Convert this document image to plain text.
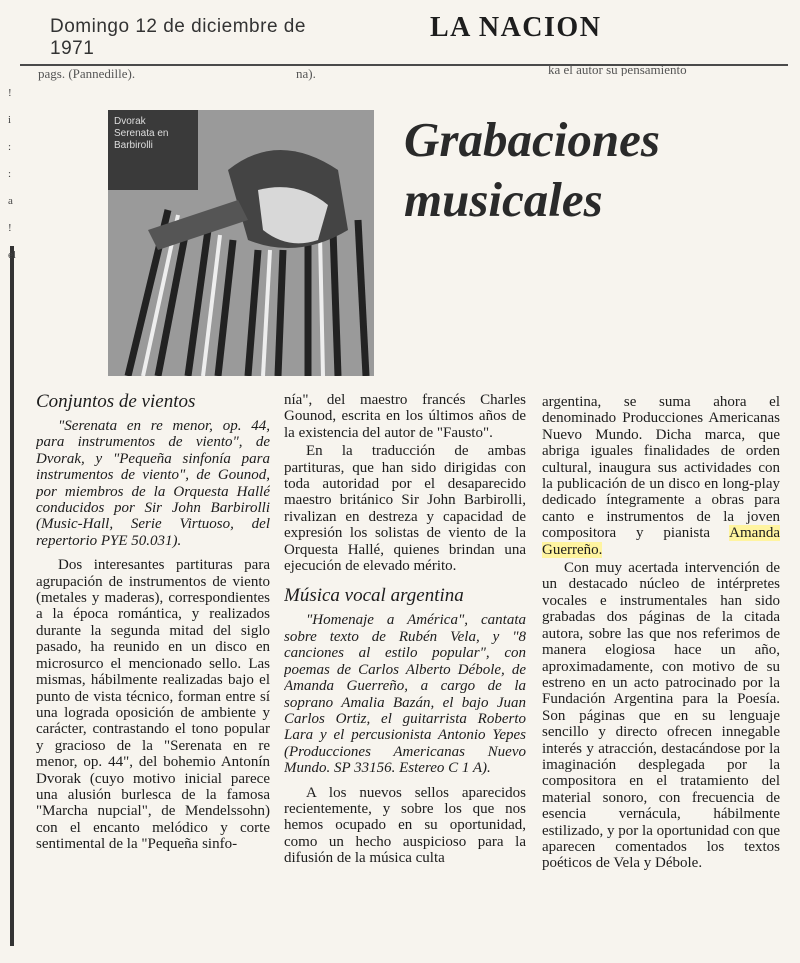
Domingo 12 de diciembre de 1971
LA NACION
pags. (Pannedille).	na).	ka el autor su pensamiento
!
i
:
:
a
!
el
Dvorak
Serenata en
Barbirolli	Grabaciones
musicales
Conjuntos de vientos

"Serenata en re menor, op. 44, para instrumentos de viento", de Dvorak, y "Pequeña sinfonía para instrumentos de viento", de Gounod, por miembros de la Orquesta Hallé conducidos por Sir John Barbirolli (Music-Hall, Serie Virtuoso, del repertorio PYE 50.031).

Dos interesantes partituras para agrupación de instrumentos de viento (metales y maderas), correspondientes a la época romántica, y realizados durante la segunda mitad del siglo pasado, ha reunido en un disco en microsurco el mencionado sello. Las mismas, hábilmente realizadas bajo el punto de vista técnico, forman entre sí una lograda oposición de ambiente y carácter, contrastando el tono popular y gracioso de la "Serenata en re menor, op. 44", del bohemio Antonín Dvorak (cuyo motivo inicial parece una alusión burlesca de la famosa "Marcha nupcial", de Mendelssohn) con el encanto melódico y corte sentimental de la "Pequeña sinfo-

nía", del maestro francés Charles Gounod, escrita en los últimos años de la existencia del autor de "Fausto".

En la traducción de ambas partituras, que han sido dirigidas con toda autoridad por el desaparecido maestro británico Sir John Barbirolli, rivalizan en destreza y capacidad de expresión los solistas de viento de la Orquesta Hallé, quienes brindan una ejecución de elevado mérito.

Música vocal argentina

"Homenaje a América", cantata sobre texto de Rubén Vela, y "8 canciones al estilo popular", con poemas de Carlos Alberto Débole, de Amanda Guerreño, a cargo de la soprano Amalia Bazán, el bajo Juan Carlos Ortiz, el guitarrista Roberto Lara y el percusionista Antonio Yepes (Producciones Americanas Nuevo Mundo. SP 33156. Estereo C 1 A).

A los nuevos sellos aparecidos recientemente, y sobre los que nos hemos ocupado en su oportunidad, como un hecho auspicioso para la difusión de la música culta

argentina, se suma ahora el denominado Producciones Americanas Nuevo Mundo. Dicha marca, que abriga iguales finalidades de orden cultural, inaugura sus actividades con la publicación de un disco en long-play dedicado íntegramente a obras para canto e instrumentos de la joven compositora y pianista Amanda Guerreño.

Con muy acertada intervención de un destacado núcleo de intérpretes vocales e instrumentales han sido grabadas dos páginas de la citada autora, sobre las que nos referimos de manera elogiosa hace un año, aproximadamente, con motivo de su estreno en un acto patrocinado por la Fundación Argentina para la Poesía. Son páginas que en su lenguaje sencillo y directo ofrecen innegable interés y atracción, destacándose por la imaginación desplegada por la compositora en el tratamiento del material sonoro, con frecuencia de esencia vernácula, hábilmente estilizado, y por la oportunidad con que aparecen comentados los textos poéticos de Vela y Débole.
